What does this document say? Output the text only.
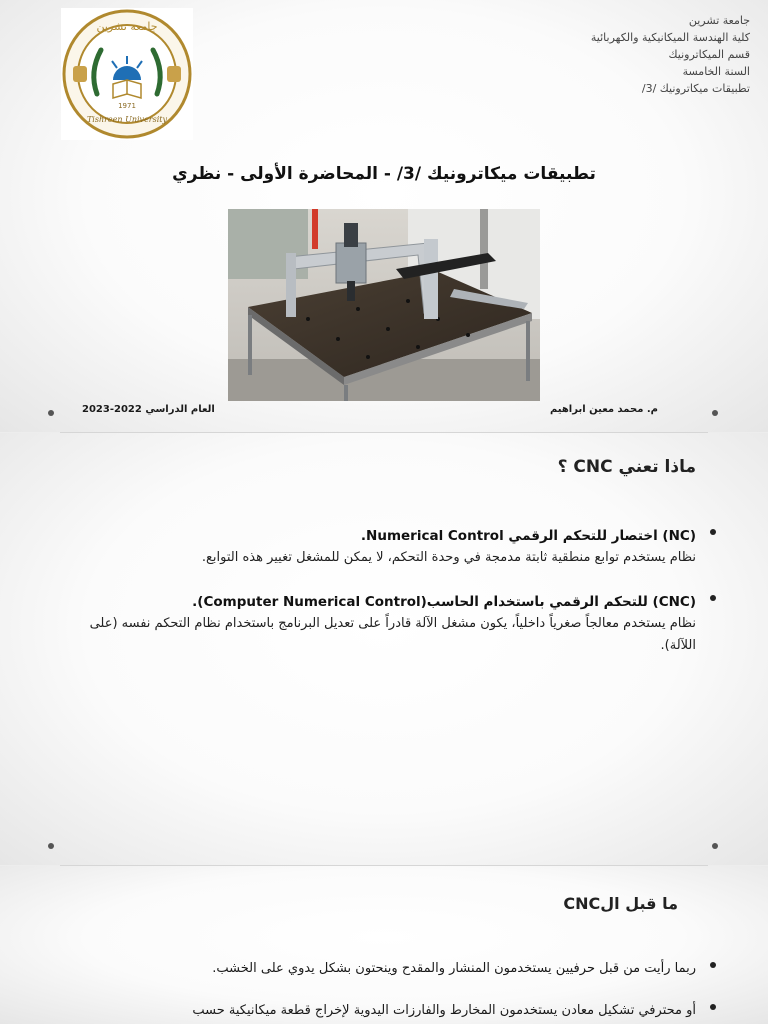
جامعة تشرين
1971
Tishreen University
جامعة تشرين
كلية الهندسة الميكانيكية والكهربائية
قسم الميكاترونيك
السنة الخامسة
تطبيقات ميكاترونيك /3/
تطبيقات ميكاترونيك /3/ - المحاضرة الأولى - نظري
العام الدراسي 2022-2023	م. محمد معين ابراهيم
ماذا تعني CNC ؟
(NC) اختصار للتحكم الرقمي Numerical Control.
نظام يستخدم توابع منطقية ثابتة مدمجة في وحدة التحكم، لا يمكن للمشغل تغيير هذه التوابع.
(CNC) للتحكم الرقمي باستخدام الحاسب(Computer Numerical Control).
نظام يستخدم معالجاً صغرياً داخلياً، يكون مشغل الآلة قادراً على تعديل البرنامج باستخدام نظام التحكم نفسه (على اللآلة).
ما قبل الCNC
ربما رأيت من قبل حرفيين يستخدمون المنشار والمقدح وينحتون بشكل يدوي على الخشب.
أو محترفي تشكيل معادن يستخدمون المخارط والفارزات اليدوية لإخراج قطعة ميكانيكية حسب
